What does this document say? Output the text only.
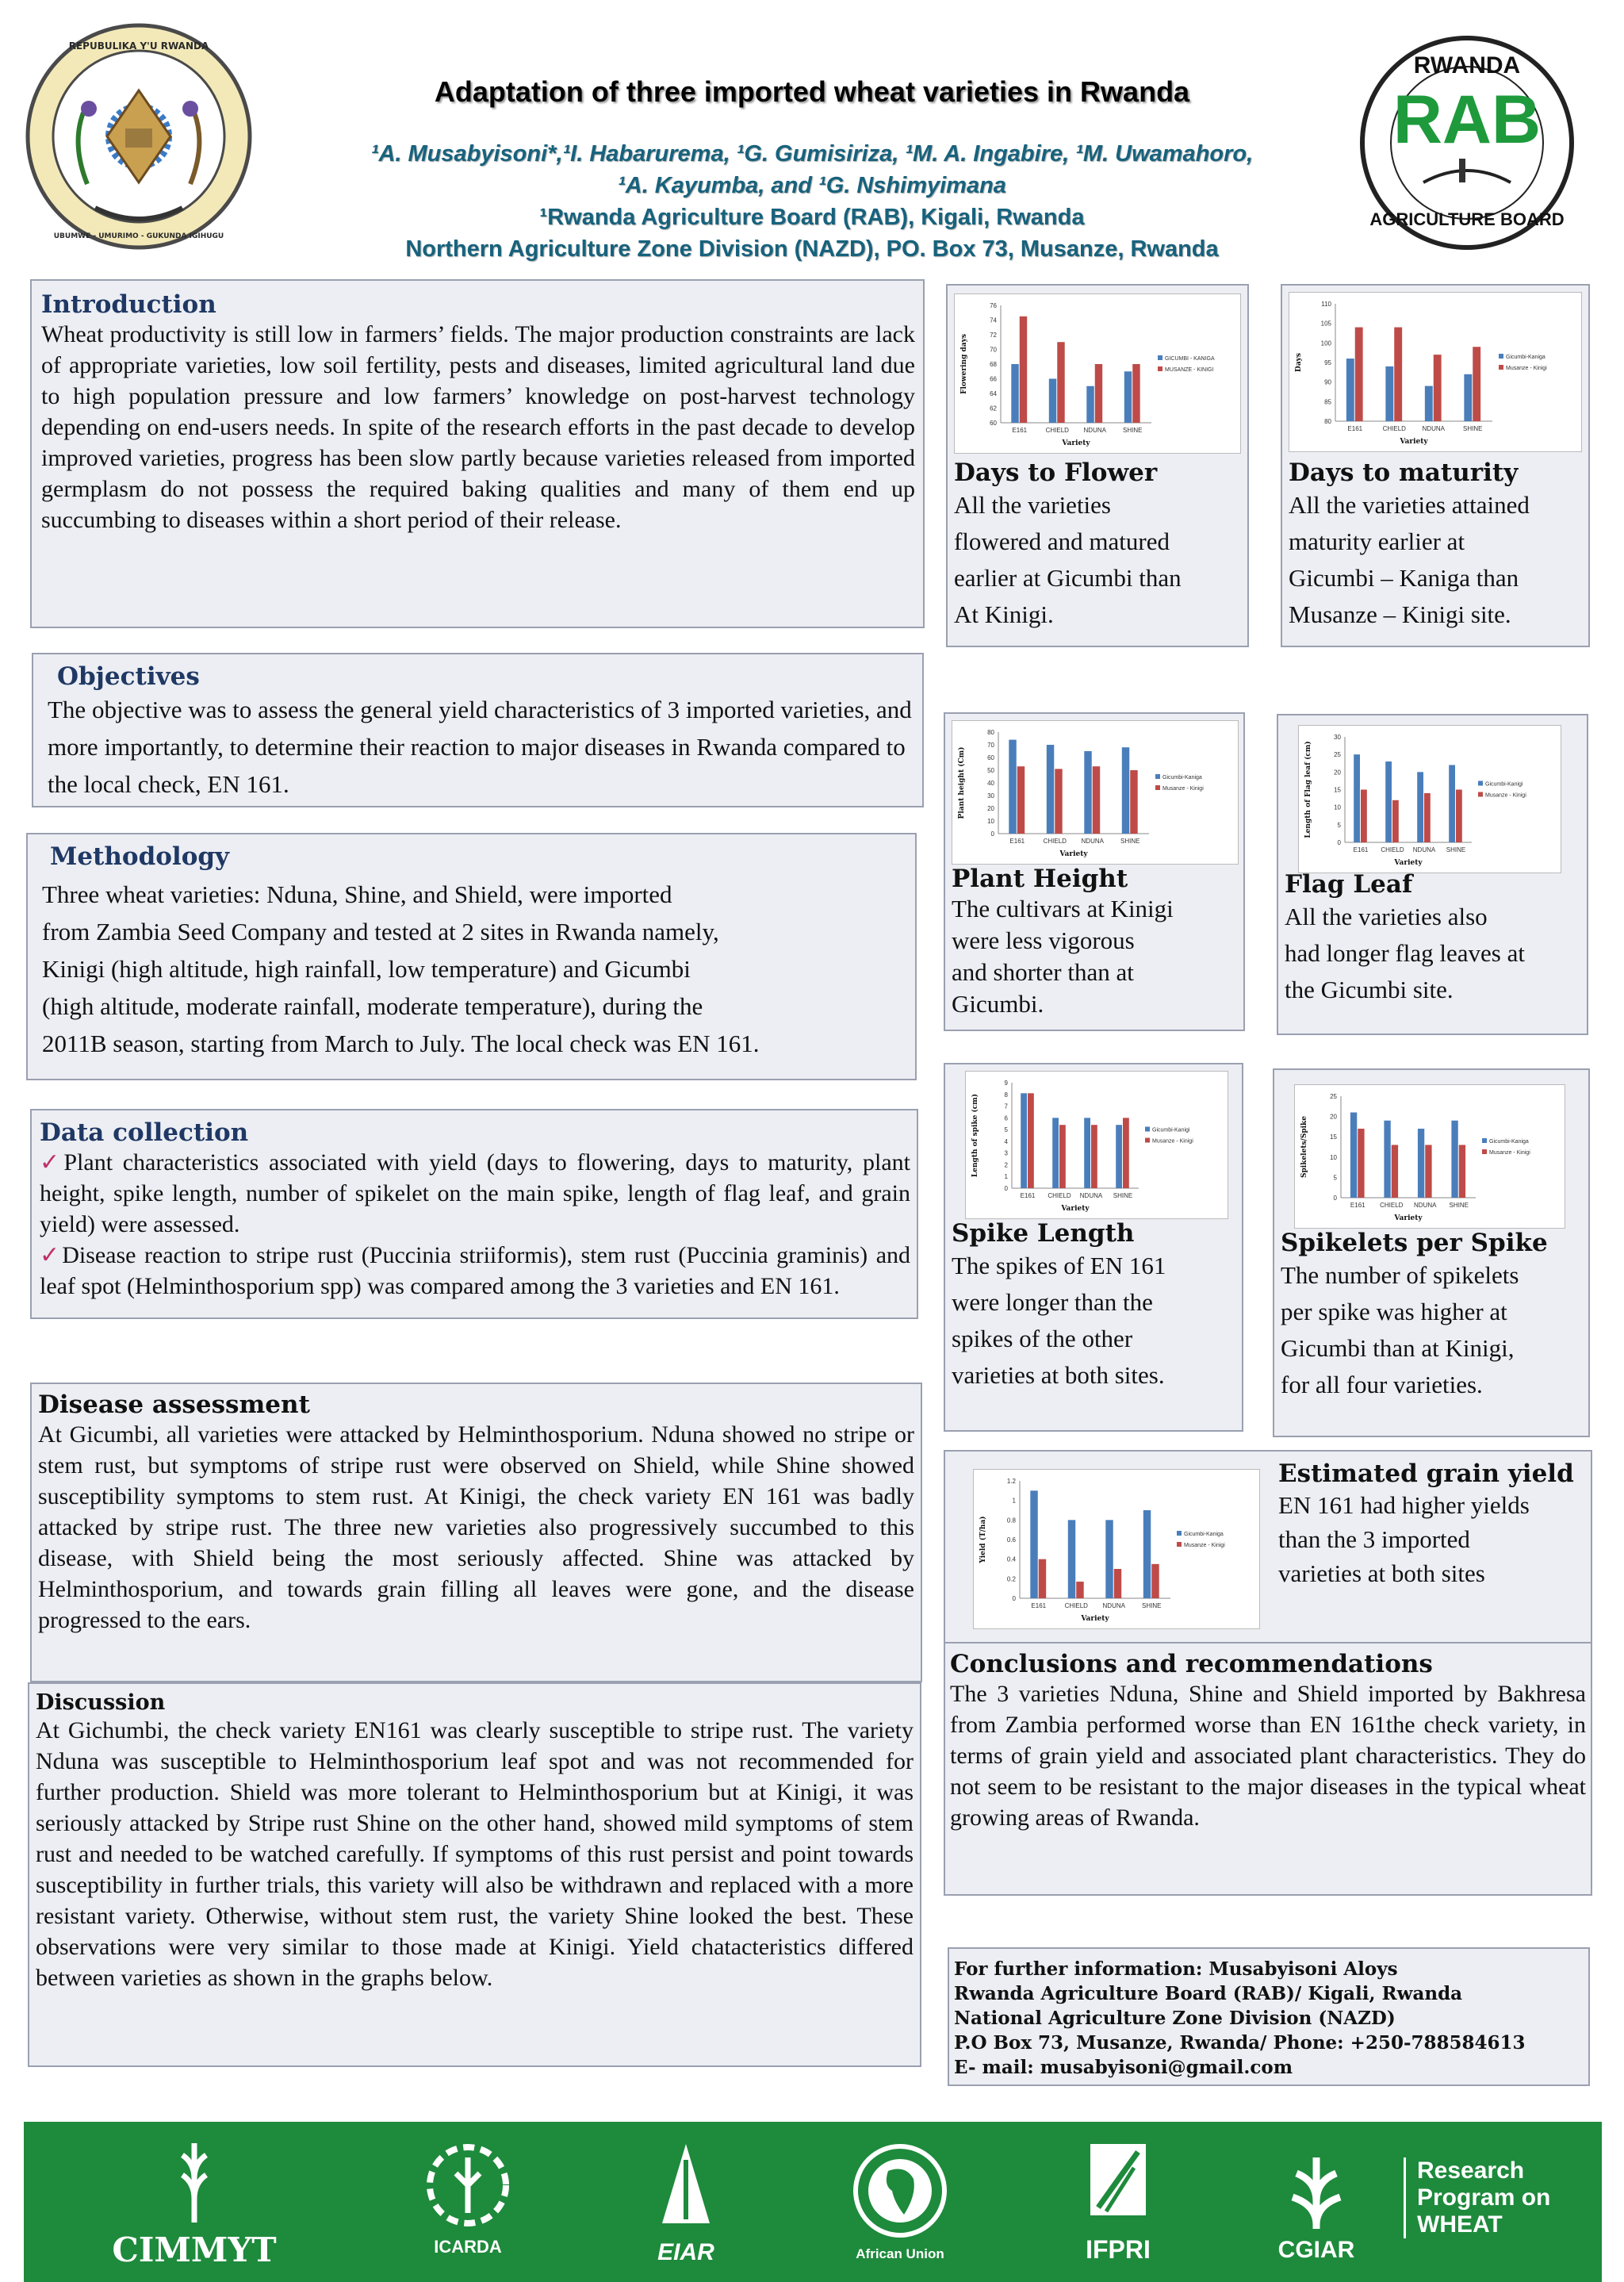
REPUBULIKA Y'U RWANDA
UBUMWE - UMURIMO - GUKUNDA IGIHUGU
Adaptation of three imported wheat varieties in Rwanda
¹A. Musabyisoni*,¹I. Habarurema, ¹G. Gumisiriza, ¹M. A. Ingabire, ¹M. Uwamahoro,
¹A. Kayumba, and ¹G. Nshimyimana
¹Rwanda Agriculture Board (RAB), Kigali, Rwanda
Northern Agriculture Zone Division (NAZD), PO. Box 73, Musanze, Rwanda
RWANDA
RAB
AGRICULTURE BOARD
Introduction

Wheat productivity is still low in farmers’ fields. The major production constraints are lack of appropriate varieties, low soil fertility, pests and diseases, limited agricultural land due to high population pressure and low farmers’ knowledge on post-harvest technology depending on end-users needs. In spite of the research efforts in the past decade to develop improved varieties, progress has been slow partly because varieties released from imported germplasm do not possess the required baking qualities and many of them end up succumbing to diseases within a short period of their release.

Objectives

The objective was to assess the general yield characteristics of 3 imported varieties, and more importantly, to determine their reaction to major diseases in Rwanda compared to the local check, EN 161.

Methodology
Three wheat varieties: Nduna, Shine, and Shield, were imported
from Zambia Seed Company and tested at 2 sites in Rwanda namely,
Kinigi (high altitude, high rainfall, low temperature) and Gicumbi
(high altitude, moderate rainfall, moderate temperature), during the
2011B season, starting from March to July. The local check was EN 161.
Data collection

✓Plant characteristics associated with yield (days to flowering, days to maturity, plant height, spike length, number of spikelet on the main spike, length of flag leaf, and grain yield) were assessed.

✓Disease reaction to stripe rust (Puccinia striiformis), stem rust (Puccinia graminis) and leaf spot (Helminthosporium spp) was compared among the 3 varieties and EN 161.

Disease assessment

At Gicumbi, all varieties were attacked by Helminthosporium. Nduna showed no stripe or stem rust, but symptoms of stripe rust were observed on Shield, while Shine showed susceptibility symptoms to stem rust. At Kinigi, the check variety EN 161 was badly attacked by stripe rust. The three new varieties also progressively succumbed to this disease, with Shield being the most seriously affected. Shine was attacked by Helminthosporium, and towards grain filling all leaves were gone, and the disease progressed to the ears.

Discussion

At Gichumbi, the check variety EN161 was clearly susceptible to stripe rust. The variety Nduna was susceptible to Helminthosporium leaf spot and was not recommended for further production. Shield was more tolerant to Helminthosporium but at Kinigi, it was seriously attacked by Stripe rust Shine on the other hand, showed mild symptoms of stem rust and needed to be watched carefully. If symptoms of this rust persist and point towards susceptibility in further trials, this variety will also be withdrawn and replaced with a more resistant variety. Otherwise, without stem rust, the variety Shine looked the best. These observations were very similar to those made at Kinigi. Yield chatacteristics differed between varieties as shown in the graphs below.

60
62
64
66
68
70
72
74
76
E161	CHIELD NDUNA	SHINE
Variety
Flowering days	GICUMBI - KANIGA
MUSANZE - KINIGI
Days to Flower
All the varieties
flowered and matured
earlier at Gicumbi than
At Kinigi.
80
85
90
95
100
105
110
E161	CHIELD	NDUNA	SHINE
Variety
Days	Gicumbi-Kaniga
Musanze - Kinigi
Days to maturity
All the varieties attained
maturity earlier at
Gicumbi – Kaniga than
Musanze – Kinigi site.
0
10
20
30
40
50
60
70
80
E161	CHIELD NDUNA	SHINE
Variety
Plant height (Cm)	Gicumbi-Kaniga
Musanze - Kinigi
Plant Height
The cultivars at Kinigi
were less vigorous
and shorter than at
Gicumbi.
0
5
10
15
20
25
30
E161 CHIELD NDUNA SHINE
Variety
Length of Flag leaf (cm)	Gicumbi-Kanigi
Musanze - Kinigi
Flag Leaf
All the varieties also
had longer flag leaves at
the Gicumbi site.
0
1
2
3
4
5
6
7
8
9
E161 CHIELD NDUNA SHINE
Variety
Length of spike (cm)	Gicumbi-Kanigi
Musanze - Kinigi
Spike Length
The spikes of EN 161
were longer than the
spikes of the other
varieties at both sites.
0
5
10
15
20
25
E161 CHIELD NDUNA SHINE
Variety
Spikelets/Spike	Gicumbi-Kaniga
Musanze - Kinigi
Spikelets per Spike
The number of spikelets
per spike was higher at
Gicumbi than at Kinigi,
for all four varieties.
0
0.2
0.4
0.6
0.8
1
1.2
E161	CHIELD NDUNA	SHINE
Variety
Yield (T/ha)	Gicumbi-Kaniga
Musanze - Kinigi
Estimated grain yield
EN 161 had higher yields
than the 3 imported
varieties at both sites
Conclusions and recommendations

The 3 varieties Nduna, Shine and Shield imported by Bakhresa from Zambia performed worse than EN 161the check variety, in terms of grain yield and associated plant characteristics. They do not seem to be resistant to the major diseases in the typical wheat growing areas of Rwanda.

For further information: Musabyisoni Aloys
Rwanda Agriculture Board (RAB)/ Kigali, Rwanda
National Agriculture Zone Division (NAZD)
P.O Box 73, Musanze, Rwanda/ Phone: +250-788584613
E- mail: musabyisoni@gmail.com
CIMMYT	ICARDA	EIAR	African Union	IFPRI	CGIAR
Research
Program on
WHEAT
